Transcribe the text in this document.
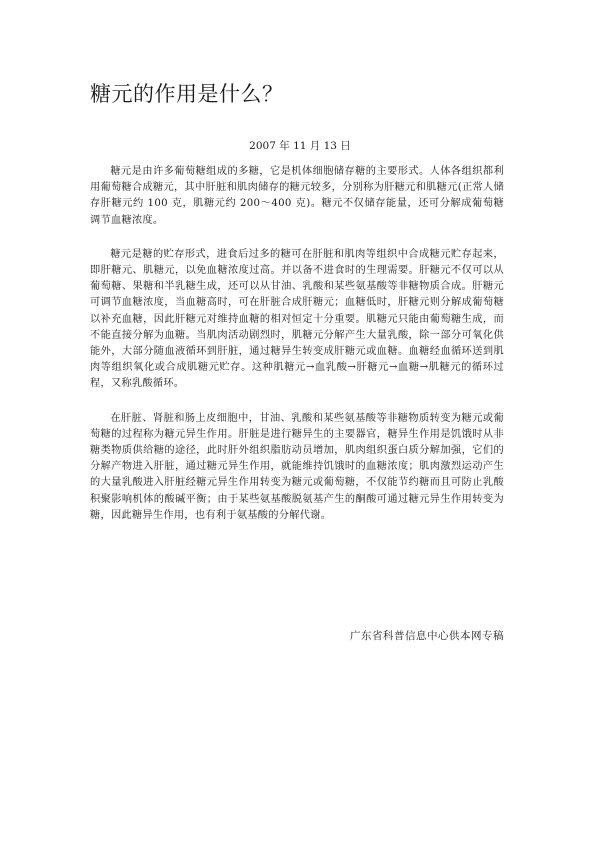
糖元的作用是什么？

2007 年 11 月 13 日

糖元是由许多葡萄糖组成的多糖，它是机体细胞储存糖的主要形式。人体各组织都利用葡萄糖合成糖元，其中肝脏和肌肉储存的糖元较多，分别称为肝糖元和肌糖元(正常人储存肝糖元约 100 克，肌糖元约 200～400 克)。糖元不仅储存能量，还可分解成葡萄糖调节血糖浓度。

糖元是糖的贮存形式，进食后过多的糖可在肝脏和肌肉等组织中合成糖元贮存起来，即肝糖元、肌糖元，以免血糖浓度过高。并以备不进食时的生理需要。肝糖元不仅可以从葡萄糖、果糖和半乳糖生成，还可以从甘油、乳酸和某些氨基酸等非糖物质合成。肝糖元可调节血糖浓度，当血糖高时，可在肝脏合成肝糖元；血糖低时，肝糖元则分解成葡萄糖以补充血糖，因此肝糖元对维持血糖的相对恒定十分重要。肌糖元只能由葡萄糖生成，而不能直接分解为血糖。当肌肉活动剧烈时，肌糖元分解产生大量乳酸，除一部分可氧化供能外，大部分随血液循环到肝脏，通过糖异生转变成肝糖元或血糖。血糖经血循环送到肌肉等组织氧化或合成肌糖元贮存。这种肌糖元→血乳酸→肝糖元→血糖→肌糖元的循环过程，又称乳酸循环。

在肝脏、肾脏和肠上皮细胞中，甘油、乳酸和某些氨基酸等非糖物质转变为糖元或葡萄糖的过程称为糖元异生作用。肝脏是进行糖异生的主要器官，糖异生作用是饥饿时从非糖类物质供给糖的途径，此时肝外组织脂肪动员增加，肌肉组织蛋白质分解加强，它们的分解产物进入肝脏，通过糖元异生作用，就能维持饥饿时的血糖浓度；肌肉激烈运动产生的大量乳酸进入肝脏经糖元异生作用转变为糖元或葡萄糖，不仅能节约糖而且可防止乳酸积聚影响机体的酸碱平衡；由于某些氨基酸脱氨基产生的酮酸可通过糖元异生作用转变为糖，因此糖异生作用，也有利于氨基酸的分解代谢。

广东省科普信息中心供本网专稿
